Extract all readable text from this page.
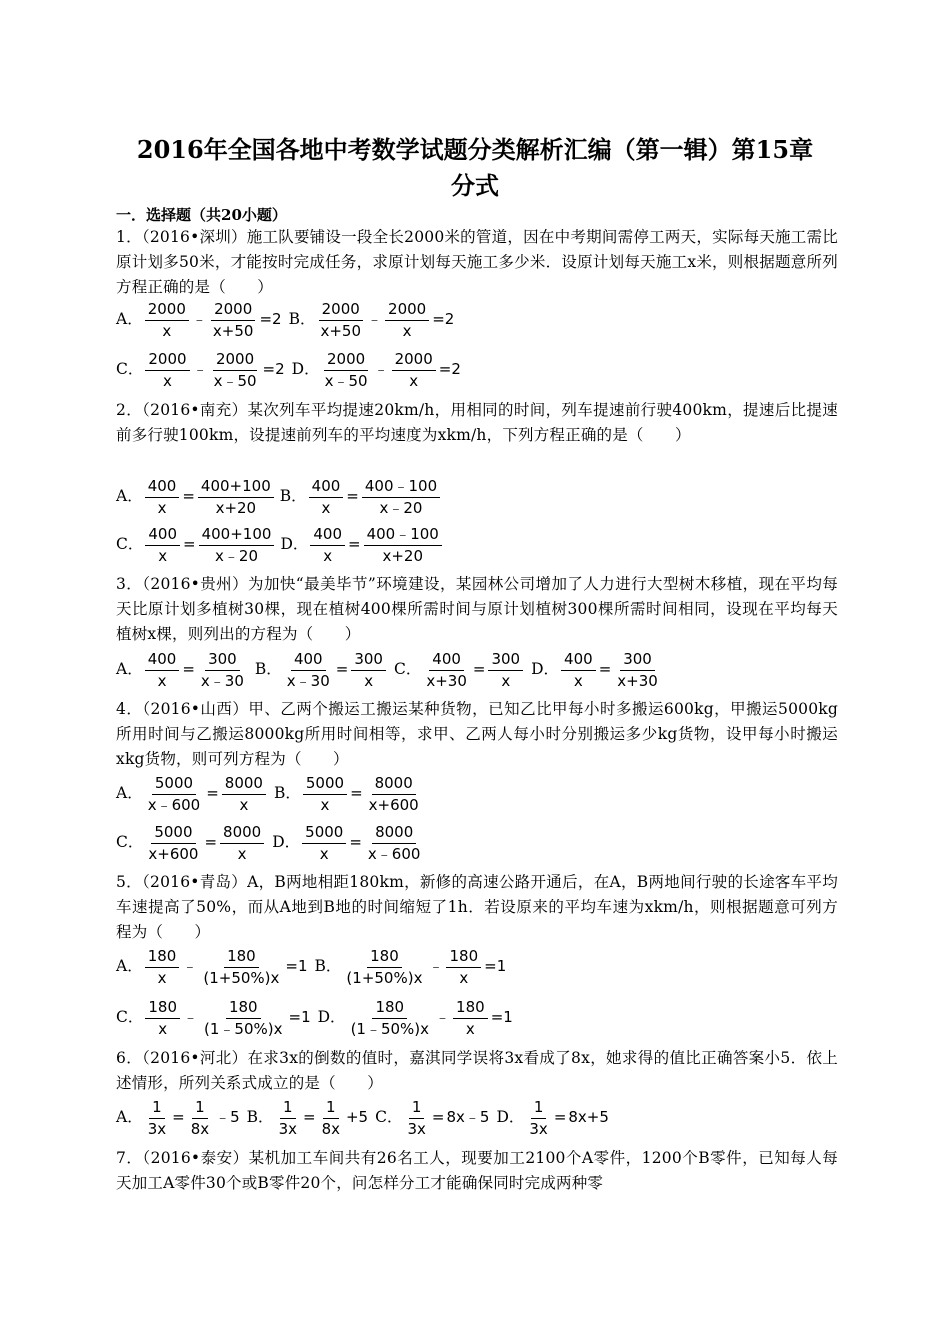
2016年全国各地中考数学试题分类解析汇编（第一辑）第15章
分式
一．选择题（共20小题）
1．（2016•深圳）施工队要铺设一段全长2000米的管道，因在中考期间需停工两天，实际每天施工需比原计划多50米，才能按时完成任务，求原计划每天施工多少米．设原计划每天施工x米，则根据题意所列方程正确的是（　　）
A． $\frac{2000}{x}$ ﹣ $\frac{2000}{x+50} =2$ B． $\frac{2000}{x+50}$ ﹣ $\frac{2000}{x} =2$
C． $\frac{2000}{x}$ ﹣ $\frac{2000}{x﹣50} =2$ D． $\frac{2000}{x﹣50}$ ﹣ $\frac{2000}{x} =2$
2．（2016•南充）某次列车平均提速20km/h，用相同的时间，列车提速前行驶400km，提速后比提速前多行驶100km，设提速前列车的平均速度为xkm/h，下列方程正确的是（　　）
A． $\frac{400}{x} = \frac{400+100}{x+20}$ B． $\frac{400}{x} = \frac{400﹣100}{x﹣20}$
C． $\frac{400}{x} = \frac{400+100}{x﹣20}$ D． $\frac{400}{x} = \frac{400﹣100}{x+20}$
3．（2016•贵州）为加快“最美毕节”环境建设，某园林公司增加了人力进行大型树木移植，现在平均每天比原计划多植树30棵，现在植树400棵所需时间与原计划植树300棵所需时间相同，设现在平均每天植树x棵，则列出的方程为（　　）
A． $\frac{400}{x} = \frac{300}{x﹣30}$ B． $\frac{400}{x﹣30} = \frac{300}{x}$ C． $\frac{400}{x+30} = \frac{300}{x}$ D． $\frac{400}{x} = \frac{300}{x+30}$
4．（2016•山西）甲、乙两个搬运工搬运某种货物，已知乙比甲每小时多搬运600kg，甲搬运5000kg所用时间与乙搬运8000kg所用时间相等，求甲、乙两人每小时分别搬运多少kg货物，设甲每小时搬运xkg货物，则可列方程为（　　）
A． $\frac{5000}{x﹣600} = \frac{8000}{x}$ B． $\frac{5000}{x} = \frac{8000}{x+600}$
C． $\frac{5000}{x+600} = \frac{8000}{x}$ D． $\frac{5000}{x} = \frac{8000}{x﹣600}$
5．（2016•青岛）A，B两地相距180km，新修的高速公路开通后，在A，B两地间行驶的长途客车平均车速提高了50%，而从A地到B地的时间缩短了1h．若设原来的平均车速为xkm/h，则根据题意可列方程为（　　）
A． $\frac{180}{x}$ ﹣ $\frac{180}{(1+50\%)x} =1$ B． $\frac{180}{(1+50\%)x}$ ﹣ $\frac{180}{x} =1$
C． $\frac{180}{x}$ ﹣ $\frac{180}{(1﹣50\%)x} =1$ D． $\frac{180}{(1﹣50\%)x}$ ﹣ $\frac{180}{x} =1$
6．（2016•河北）在求3x的倒数的值时，嘉淇同学误将3x看成了8x，她求得的值比正确答案小5．依上述情形，所列关系式成立的是（　　）
A． $\frac{1}{3x} = \frac{1}{8x}$ ﹣5 B． $\frac{1}{3x} = \frac{1}{8x} +5$ C． $\frac{1}{3x}$ = 8x﹣5 D． $\frac{1}{3x} = 8x+5$
7．（2016•泰安）某机加工车间共有26名工人，现要加工2100个A零件，1200个B零件，已知每人每天加工A零件30个或B零件20个，问怎样分工才能确保同时完成两种零
